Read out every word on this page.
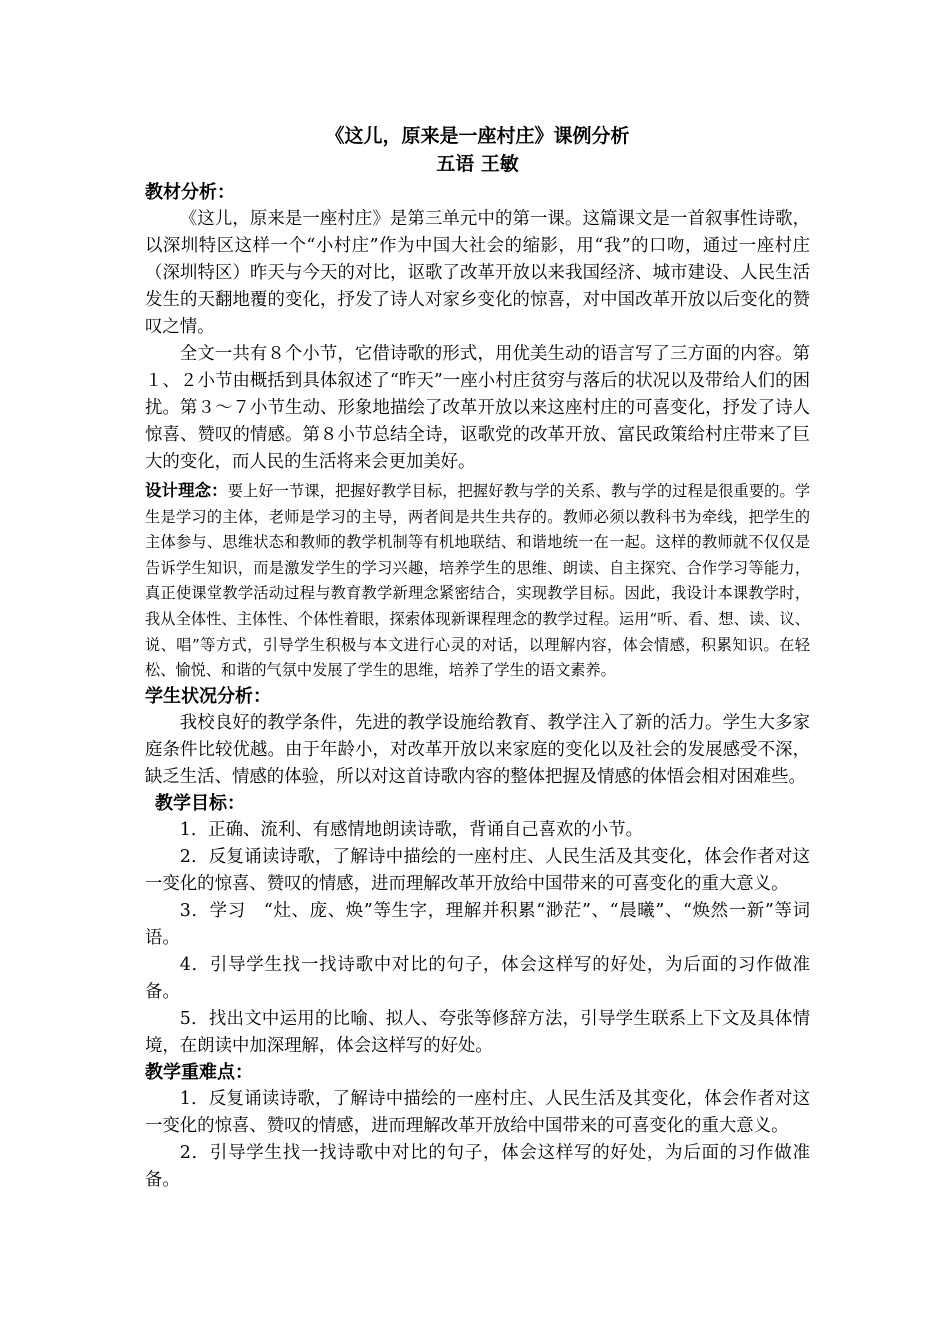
《这儿，原来是一座村庄》课例分析

五语 王敏

教材分析：

《这儿，原来是一座村庄》是第三单元中的第一课。这篇课文是一首叙事性诗歌，以深圳特区这样一个“小村庄”作为中国大社会的缩影，用“我”的口吻，通过一座村庄（深圳特区）昨天与今天的对比，讴歌了改革开放以来我国经济、城市建设、人民生活发生的天翻地覆的变化，抒发了诗人对家乡变化的惊喜，对中国改革开放以后变化的赞叹之情。

全文一共有８个小节，它借诗歌的形式，用优美生动的语言写了三方面的内容。第１、２小节由概括到具体叙述了“昨天”一座小村庄贫穷与落后的状况以及带给人们的困扰。第３～７小节生动、形象地描绘了改革开放以来这座村庄的可喜变化，抒发了诗人惊喜、赞叹的情感。第８小节总结全诗，讴歌党的改革开放、富民政策给村庄带来了巨大的变化，而人民的生活将来会更加美好。

设计理念：要上好一节课，把握好教学目标，把握好教与学的关系、教与学的过程是很重要的。学生是学习的主体，老师是学习的主导，两者间是共生共存的。教师必须以教科书为牵线，把学生的主体参与、思维状态和教师的教学机制等有机地联结、和谐地统一在一起。这样的教师就不仅仅是告诉学生知识，而是激发学生的学习兴趣，培养学生的思维、朗读、自主探究、合作学习等能力，真正使课堂教学活动过程与教育教学新理念紧密结合，实现教学目标。因此，我设计本课教学时，我从全体性、主体性、个体性着眼，探索体现新课程理念的教学过程。运用“听、看、想、读、议、说、唱”等方式，引导学生积极与本文进行心灵的对话，以理解内容，体会情感，积累知识。在轻松、愉悦、和谐的气氛中发展了学生的思维，培养了学生的语文素养。

学生状况分析：

我校良好的教学条件，先进的教学设施给教育、教学注入了新的活力。学生大多家庭条件比较优越。由于年龄小，对改革开放以来家庭的变化以及社会的发展感受不深，缺乏生活、情感的体验，所以对这首诗歌内容的整体把握及情感的体悟会相对困难些。

教学目标：

1．正确、流利、有感情地朗读诗歌，背诵自己喜欢的小节。
2．反复诵读诗歌，了解诗中描绘的一座村庄、人民生活及其变化，体会作者对这一变化的惊喜、赞叹的情感，进而理解改革开放给中国带来的可喜变化的重大意义。
3．学习　“灶、庞、焕”等生字，理解并积累“渺茫”、“晨曦”、“焕然一新”等词语。
4．引导学生找一找诗歌中对比的句子，体会这样写的好处，为后面的习作做准备。
5．找出文中运用的比喻、拟人、夸张等修辞方法，引导学生联系上下文及具体情境，在朗读中加深理解，体会这样写的好处。

教学重难点：

1．反复诵读诗歌，了解诗中描绘的一座村庄、人民生活及其变化，体会作者对这一变化的惊喜、赞叹的情感，进而理解改革开放给中国带来的可喜变化的重大意义。
2．引导学生找一找诗歌中对比的句子，体会这样写的好处，为后面的习作做准备。
